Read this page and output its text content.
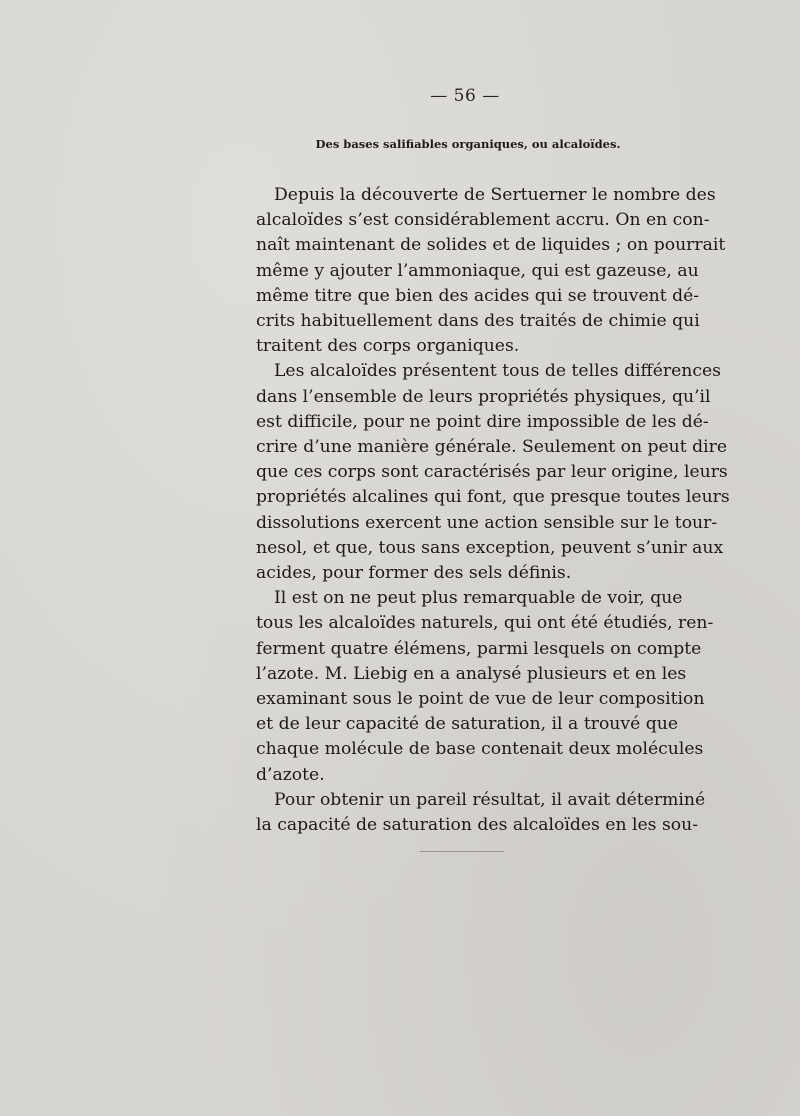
— 56 —
Des bases salifiables organiques, ou alcaloïdes.
Depuis la découverte de Sertuerner le nombre des
alcaloïdes s’est considérablement accru. On en con-
naît maintenant de solides et de liquides ; on pourrait
même y ajouter l’ammoniaque, qui est gazeuse, au
même titre que bien des acides qui se trouvent dé-
crits habituellement dans des traités de chimie qui
traitent des corps organiques.
Les alcaloïdes présentent tous de telles différences
dans l’ensemble de leurs propriétés physiques, qu’il
est difficile, pour ne point dire impossible de les dé-
crire d’une manière générale. Seulement on peut dire
que ces corps sont caractérisés par leur origine, leurs
propriétés alcalines qui font, que presque toutes leurs
dissolutions exercent une action sensible sur le tour-
nesol, et que, tous sans exception, peuvent s’unir aux
acides, pour former des sels définis.
Il est on ne peut plus remarquable de voir, que
tous les alcaloïdes naturels, qui ont été étudiés, ren-
ferment quatre élémens, parmi lesquels on compte
l’azote. M. Liebig en a analysé plusieurs et en les
examinant sous le point de vue de leur composition
et de leur capacité de saturation, il a trouvé que
chaque molécule de base contenait deux molécules
d’azote.
Pour obtenir un pareil résultat, il avait déterminé
la capacité de saturation des alcaloïdes en les sou-
